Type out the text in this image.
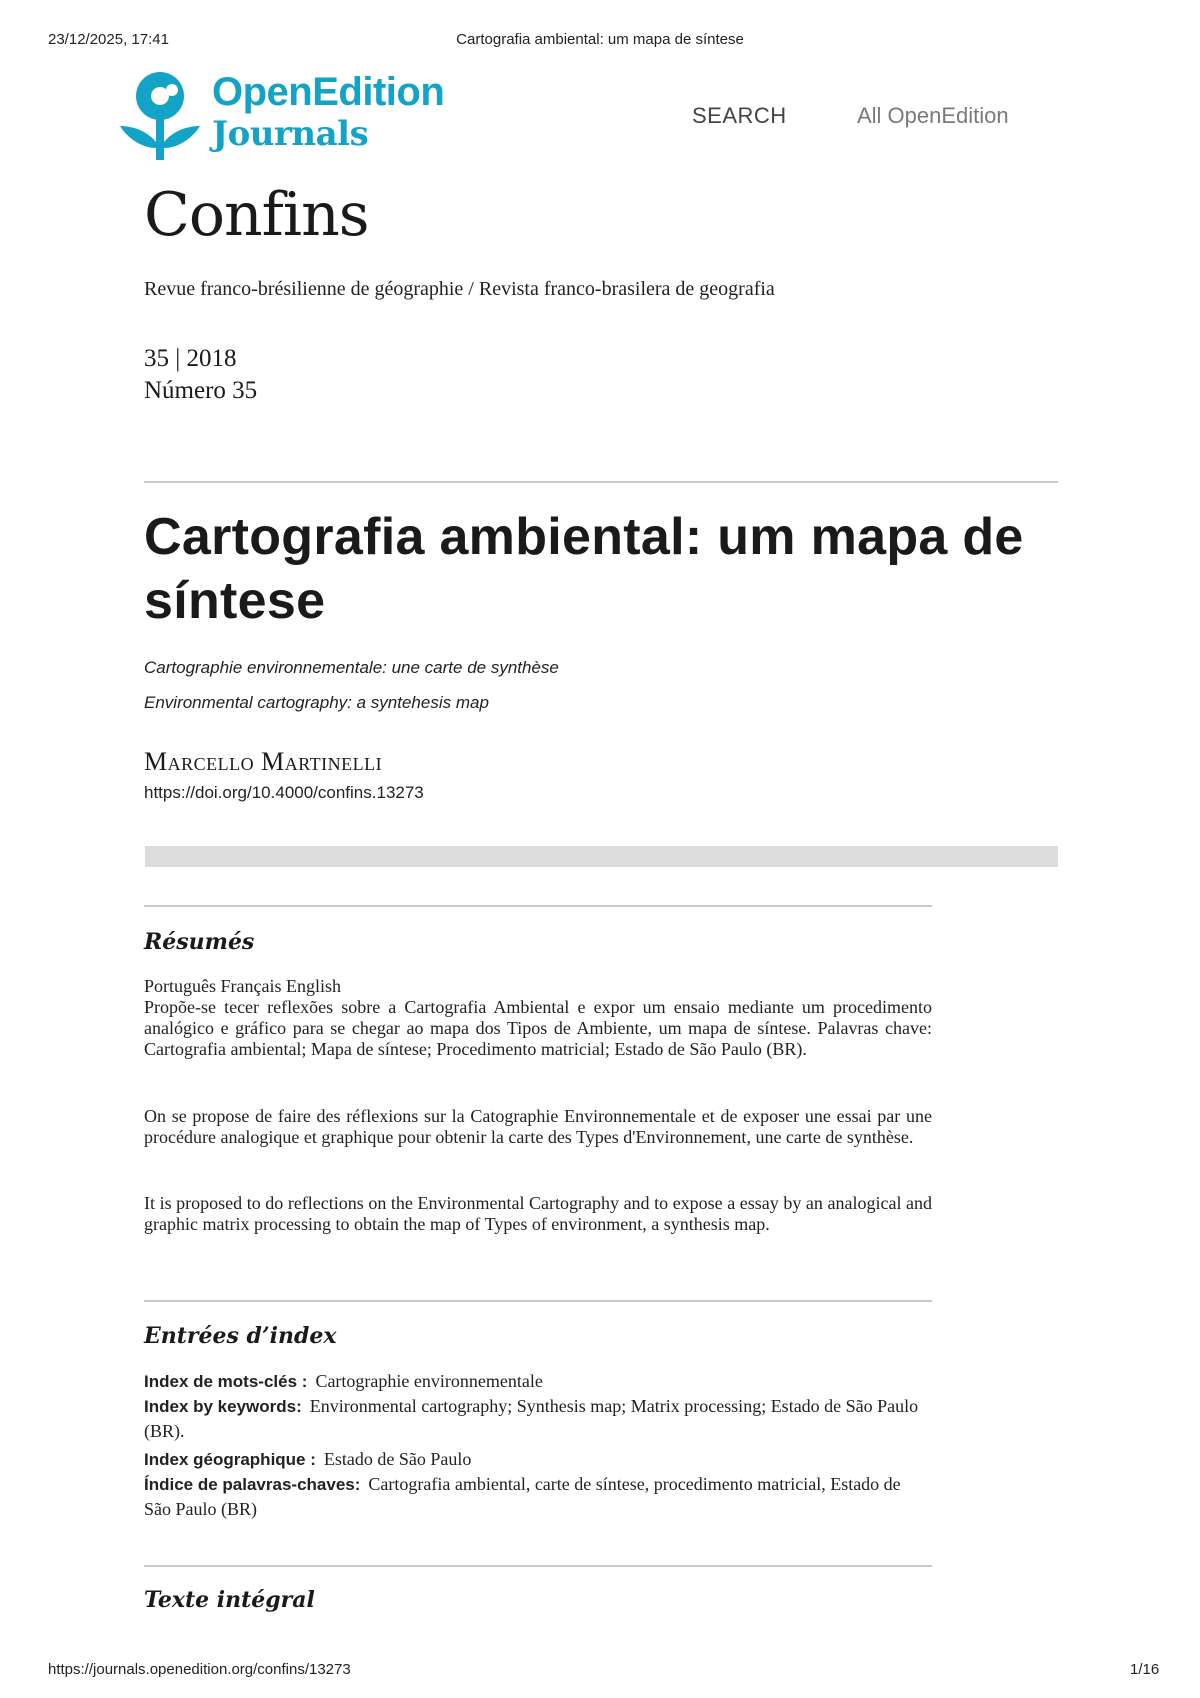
23/12/2025, 17:41	Cartografia ambiental: um mapa de síntese
OpenEdition
Journals	SEARCH	All OpenEdition
Confins
Revue franco-brésilienne de géographie / Revista franco-brasilera de geografia
35 | 2018
Número 35
Cartografia ambiental: um mapa de síntese
Cartographie environnementale: une carte de synthèse
Environmental cartography: a syntehesis map
Marcello Martinelli
https://doi.org/10.4000/confins.13273
Résumés
Português Français English
Propõe-se tecer reflexões sobre a Cartografia Ambiental e expor um ensaio mediante um procedimento analógico e gráfico para se chegar ao mapa dos Tipos de Ambiente, um mapa de síntese. Palavras chave: Cartografia ambiental; Mapa de síntese; Procedimento matricial; Estado de São Paulo (BR).
On se propose de faire des réflexions sur la Catographie Environnementale et de exposer une essai par une procédure analogique et graphique pour obtenir la carte des Types d'Environnement, une carte de synthèse.
It is proposed to do reflections on the Environmental Cartography and to expose a essay by an analogical and graphic matrix processing to obtain the map of Types of environment, a synthesis map.
Entrées d’index
Index de mots-clés : Cartographie environnementale
Index by keywords: Environmental cartography; Synthesis map; Matrix processing; Estado de São Paulo (BR).
Index géographique : Estado de São Paulo
Índice de palavras-chaves: Cartografia ambiental, carte de síntese, procedimento matricial, Estado de São Paulo (BR)
Texte intégral
https://journals.openedition.org/confins/13273	1/16
